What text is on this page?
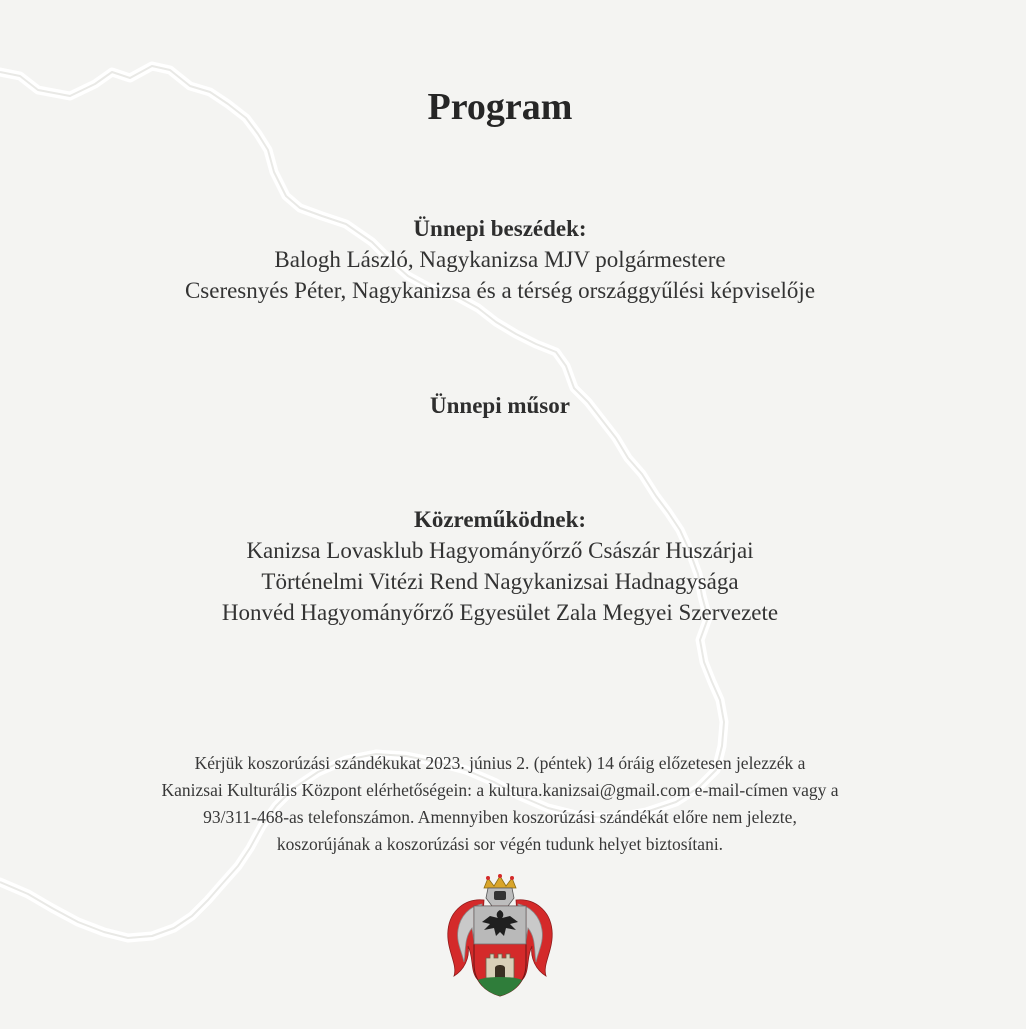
Program
Ünnepi beszédek:
Balogh László, Nagykanizsa MJV polgármestere
Cseresnyés Péter, Nagykanizsa és a térség országgyűlési képviselője
Ünnepi műsor
Közreműködnek:
Kanizsa Lovasklub Hagyományőrző Császár Huszárjai
Történelmi Vitézi Rend Nagykanizsai Hadnagysága
Honvéd Hagyományőrző Egyesület Zala Megyei Szervezete
Kérjük koszorúzási szándékukat 2023. június 2. (péntek) 14 óráig előzetesen jelezzék a
Kanizsai Kulturális Központ elérhetőségein: a kultura.kanizsai@gmail.com e-mail-címen vagy a
93/311-468-as telefonszámon. Amennyiben koszorúzási szándékát előre nem jelezte,
koszorújának a koszorúzási sor végén tudunk helyet biztosítani.
